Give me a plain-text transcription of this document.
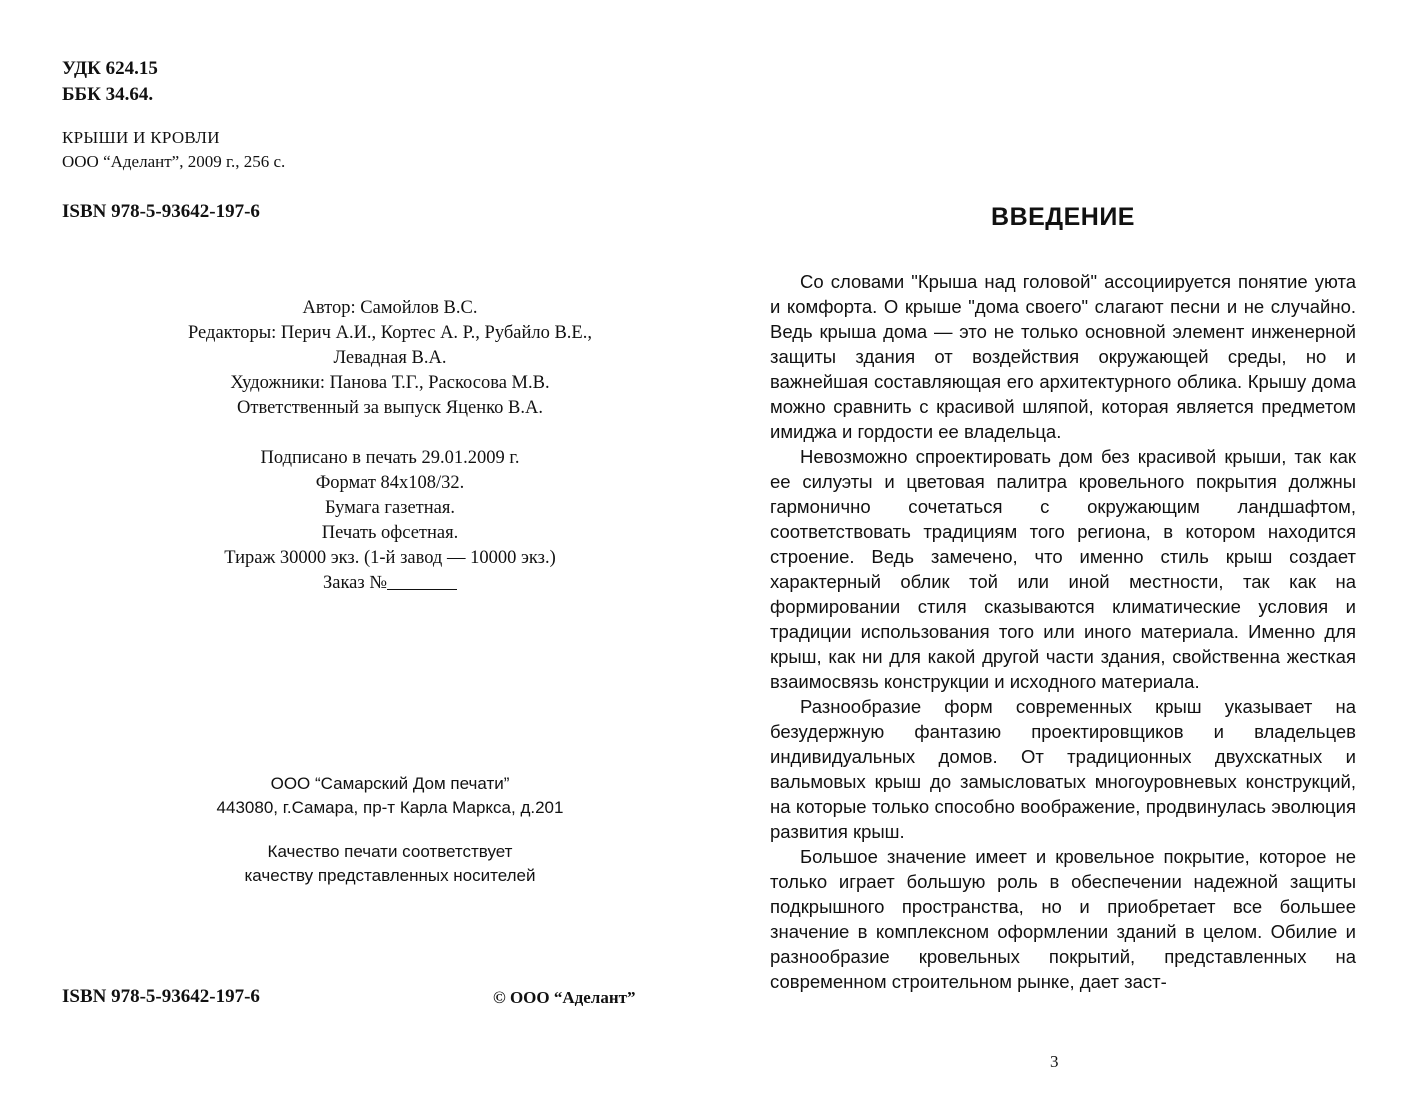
УДК 624.15
ББК 34.64.
КРЫШИ И КРОВЛИ
ООО “Аделант”, 2009 г., 256 с.
ISBN 978-5-93642-197-6
Автор: Самойлов В.С.
Редакторы: Перич А.И., Кортес А. Р., Рубайло В.Е.,
Левадная В.А.
Художники: Панова Т.Г., Раскосова М.В.
Ответственный за выпуск Яценко В.А.
Подписано в печать 29.01.2009 г.
Формат 84х108/32.
Бумага газетная.
Печать офсетная.
Тираж 30000 экз. (1-й завод — 10000 экз.)
Заказ №
ООО “Самарский Дом печати”
443080, г.Самара, пр-т Карла Маркса, д.201
Качество печати соответствует
качеству представленных носителей
ISBN 978-5-93642-197-6	© ООО “Аделант”
ВВЕДЕНИЕ

Со словами "Крыша над головой" ассоциируется понятие уюта и комфорта. О крыше "дома своего" слагают песни и не случайно. Ведь крыша дома — это не только основной элемент инженерной защиты здания от воздействия окружающей среды, но и важнейшая составляющая его архитектурного облика. Крышу дома можно сравнить с красивой шляпой, которая является предметом имиджа и гордости ее владельца.

Невозможно спроектировать дом без красивой крыши, так как ее силуэты и цветовая палитра кровельного покрытия должны гармонично сочетаться с окружающим ландшафтом, соответствовать традициям того региона, в котором находится строение. Ведь замечено, что именно стиль крыш создает характерный облик той или иной местности, так как на формировании стиля сказываются климатические условия и традиции использования того или иного материала. Именно для крыш, как ни для какой другой части здания, свойственна жесткая взаимосвязь конструкции и исходного материала.

Разнообразие форм современных крыш указывает на безудержную фантазию проектировщиков и владельцев индивидуальных домов. От традиционных двухскатных и вальмовых крыш до замысловатых многоуровневых конструкций, на которые только способно воображение, продвинулась эволюция развития крыш.

Большое значение имеет и кровельное покрытие, которое не только играет большую роль в обеспечении надежной защиты подкрышного пространства, но и приобретает все большее значение в комплексном оформлении зданий в целом. Обилие и разнообразие кровельных покрытий, представленных на современном строительном рынке, дает заст-

3
